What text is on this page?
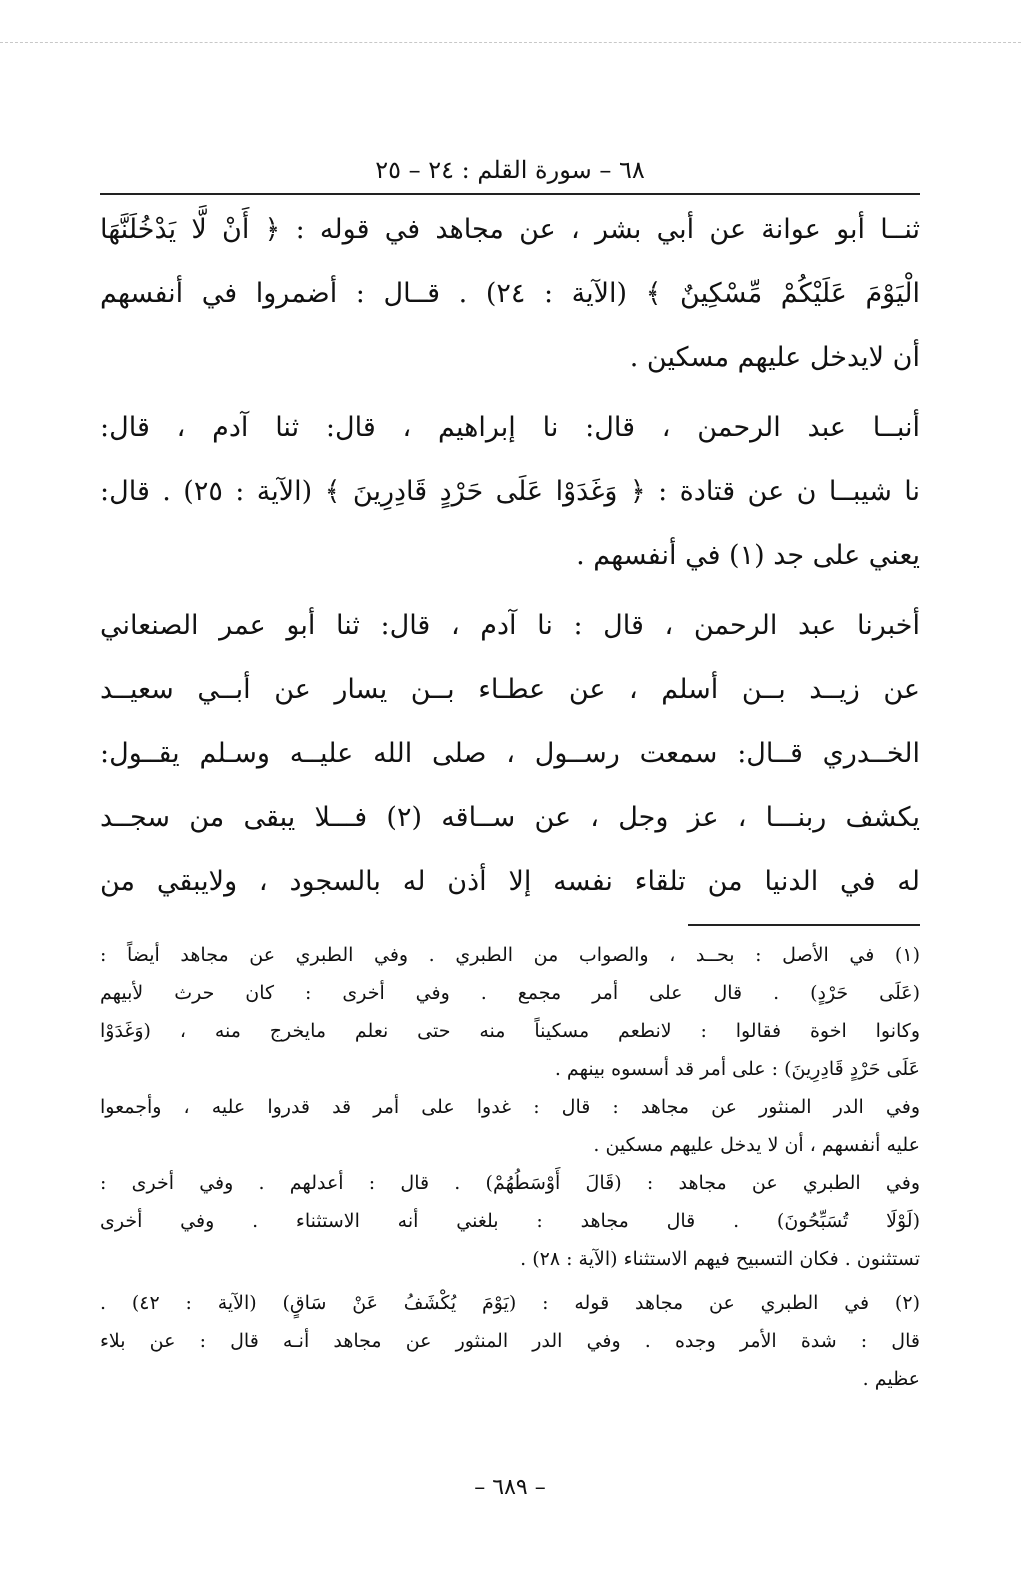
٦٨ – سورة القلم : ٢٤ – ٢٥
ثنــا أبو عوانة عن أبي بشر ، عن مجاهد في قوله : ﴿ أَنْ لَّا يَدْخُلَنَّهَا
الْيَوْمَ عَلَيْكُمْ مِّسْكِينٌ ﴾ (الآية : ٢٤) . قــال : أضمروا في أنفسهم
أن لايدخل عليهم مسكين .
أنبــا عبد الرحمن ، قال: نا إبراهيم ، قال: ثنا آدم ، قال:
نا شيبــا ن عن قتادة : ﴿ وَغَدَوْا عَلَى حَرْدٍ قَادِرِينَ ﴾ (الآية : ٢٥) . قال:
يعني على جد (١) في أنفسهم .
أخبرنا عبد الرحمن ، قال : نا آدم ، قال: ثنا أبو عمر الصنعاني
عن زيــد بــن أسلم ، عن عطـاء بــن يسار عن أبــي سعيــد
الخــدري قــال: سمعت رســول ، صلى الله عليــه وسـلم يقــول:
يكشف ربنـــا ، عز وجل ، عن ســاقه (٢) فـــلا يبقى من سجــد
له في الدنيا من تلقاء نفسه إلا أذن له بالسجود ، ولايبقي من
(١) في الأصل : بحــد ، والصواب من الطبري . وفي الطبري عن مجاهد أيضاً :
(عَلَى حَرْدٍ) . قال على أمر مجمع . وفي أخرى : كان حرث لأبيهم
وكانوا اخوة فقالوا : لانطعم مسكيناً منه حتى نعلم مايخرج منه ، (وَغَدَوْا
عَلَى حَرْدٍ قَادِرِينَ) : على أمر قد أسسوه بينهم .
وفي الدر المنثور عن مجاهد : قال : غدوا على أمر قد قدروا عليه ، وأجمعوا
عليه أنفسهم ، أن لا يدخل عليهم مسكين .
وفي الطبري عن مجاهد : (قَالَ أَوْسَطُهُمْ) . قال : أعدلهم . وفي أخرى :
(لَوْلَا تُسَبِّحُونَ) . قال مجاهد : بلغني أنه الاستثناء . وفي أخرى
تستثنون . فكان التسبيح فيهم الاستثناء (الآية : ٢٨) .
(٢) في الطبري عن مجاهد قوله : (يَوْمَ يُكْشَفُ عَنْ سَاقٍ) (الآية : ٤٢) .
قال : شدة الأمر وجده . وفي الدر المنثور عن مجاهد أنـه قال : عن بلاء
عظيم .
– ٦٨٩ –
